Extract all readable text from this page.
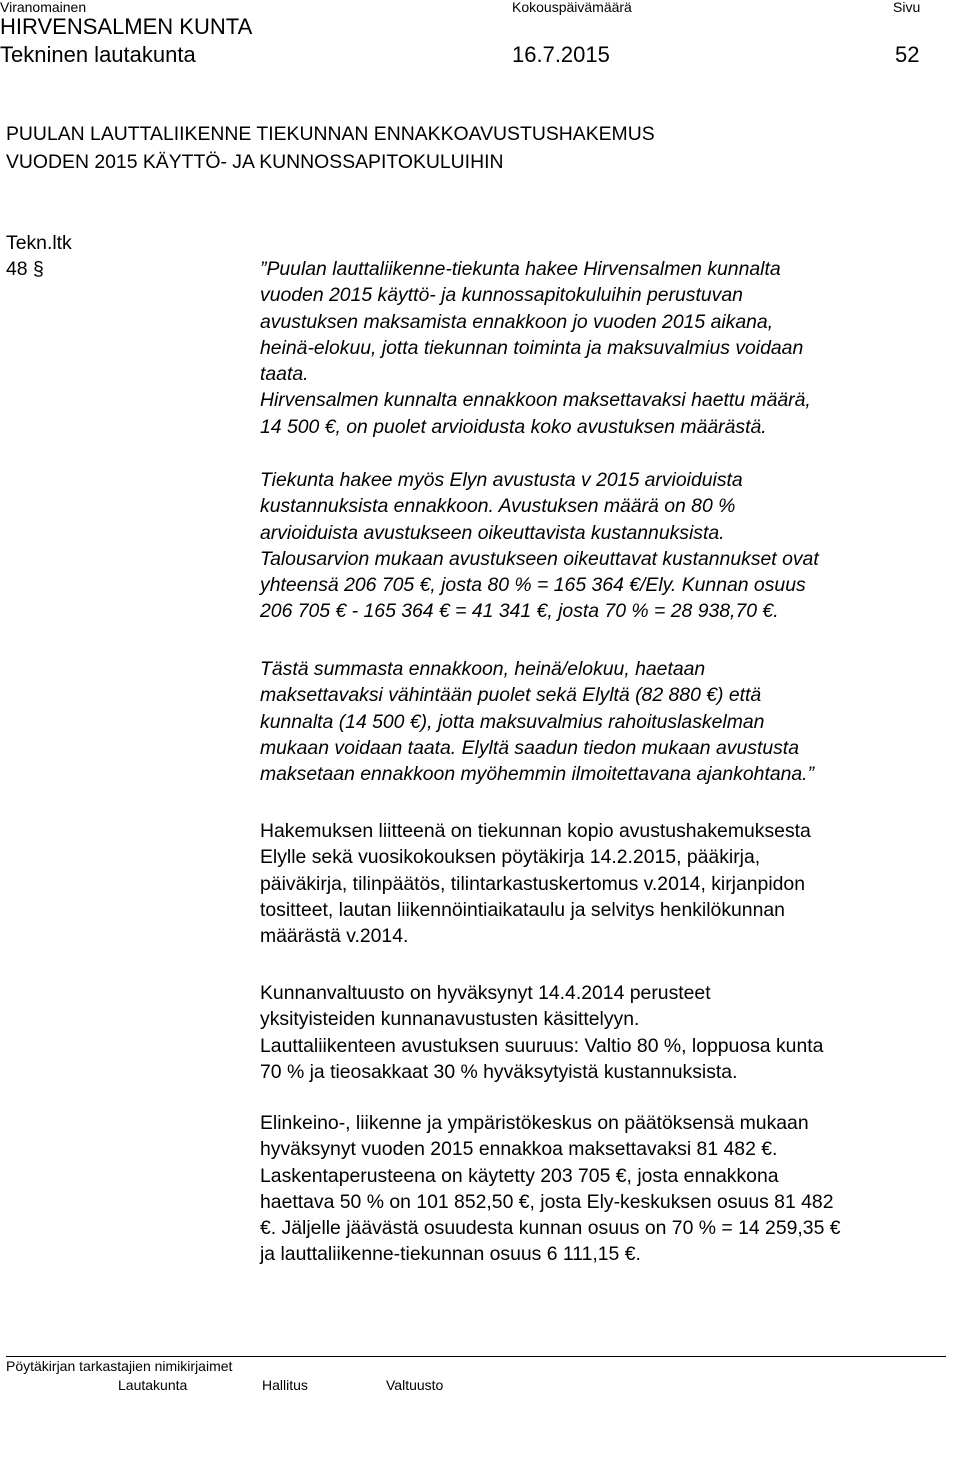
Viranomainen	Kokouspäivämäärä	Sivu
HIRVENSALMEN KUNTA
Tekninen lautakunta	16.7.2015	52
PUULAN LAUTTALIIKENNE TIEKUNNAN ENNAKKOAVUSTUSHAKEMUS
VUODEN 2015 KÄYTTÖ- JA KUNNOSSAPITOKULUIHIN
Tekn.ltk
48 §	”Puulan lauttaliikenne-tiekunta hakee Hirvensalmen kunnalta
vuoden 2015 käyttö- ja kunnossapitokuluihin perustuvan
avustuksen maksamista ennakkoon jo vuoden 2015 aikana,
heinä-elokuu, jotta tiekunnan toiminta ja maksuvalmius voidaan
taata.
Hirvensalmen kunnalta ennakkoon maksettavaksi haettu määrä,
14 500 €, on puolet arvioidusta koko avustuksen määrästä.
Tiekunta hakee myös Elyn avustusta v 2015 arvioiduista
kustannuksista ennakkoon. Avustuksen määrä on 80 %
arvioiduista avustukseen oikeuttavista kustannuksista.
Talousarvion mukaan avustukseen oikeuttavat kustannukset ovat
yhteensä 206 705 €, josta 80 % = 165 364 €/Ely. Kunnan osuus
206 705 € - 165 364 € = 41 341 €, josta 70 % = 28 938,70 €.
Tästä summasta ennakkoon, heinä/elokuu, haetaan
maksettavaksi vähintään puolet sekä Elyltä (82 880 €) että
kunnalta (14 500 €), jotta maksuvalmius rahoituslaskelman
mukaan voidaan taata. Elyltä saadun tiedon mukaan avustusta
maksetaan ennakkoon myöhemmin ilmoitettavana ajankohtana.”
Hakemuksen liitteenä on tiekunnan kopio avustushakemuksesta
Elylle sekä vuosikokouksen pöytäkirja 14.2.2015, pääkirja,
päiväkirja, tilinpäätös, tilintarkastuskertomus v.2014, kirjanpidon
tositteet, lautan liikennöintiaikataulu ja selvitys henkilökunnan
määrästä v.2014.
Kunnanvaltuusto on hyväksynyt 14.4.2014 perusteet
yksityisteiden kunnanavustusten käsittelyyn.
Lauttaliikenteen avustuksen suuruus: Valtio 80 %, loppuosa kunta
70 % ja tieosakkaat 30 % hyväksytyistä kustannuksista.
Elinkeino-, liikenne ja ympäristökeskus on päätöksensä mukaan
hyväksynyt vuoden 2015 ennakkoa maksettavaksi 81 482 €.
Laskentaperusteena on käytetty 203 705 €, josta ennakkona
haettava 50 % on 101 852,50 €, josta Ely-keskuksen osuus 81 482
€. Jäljelle jäävästä osuudesta kunnan osuus on 70 % = 14 259,35 €
ja lauttaliikenne-tiekunnan osuus 6 111,15 €.
Pöytäkirjan tarkastajien nimikirjaimet
Lautakunta	Hallitus	Valtuusto
